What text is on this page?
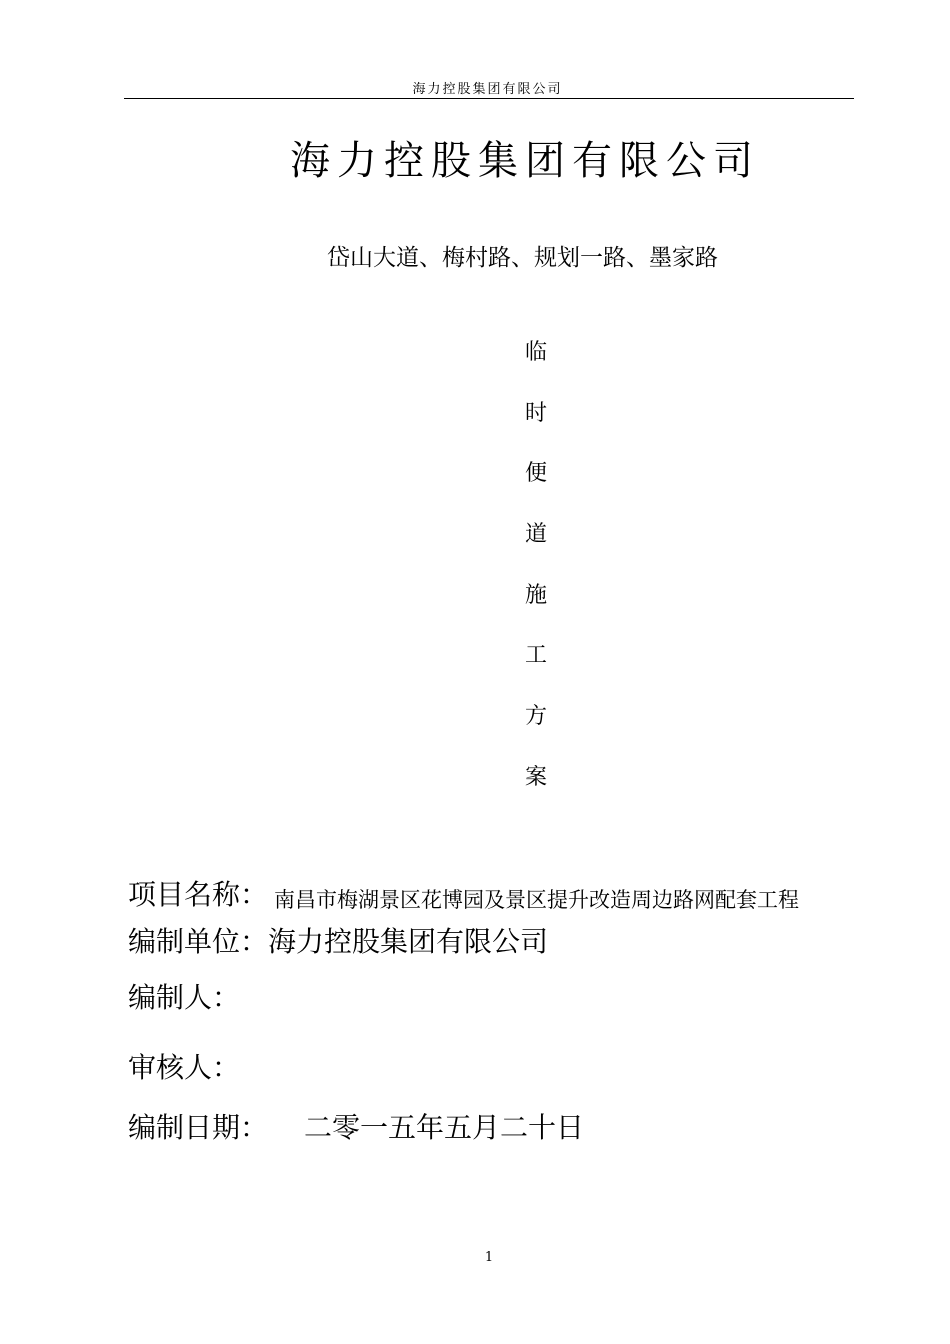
海力控股集团有限公司
海力控股集团有限公司
岱山大道、梅村路、规划一路、墨家路
临
时
便
道
施
工
方
案
项目名称： 南昌市梅湖景区花博园及景区提升改造周边路网配套工程
编制单位：海力控股集团有限公司
编制人：
审核人：
编制日期： 二零一五年五月二十日
1
